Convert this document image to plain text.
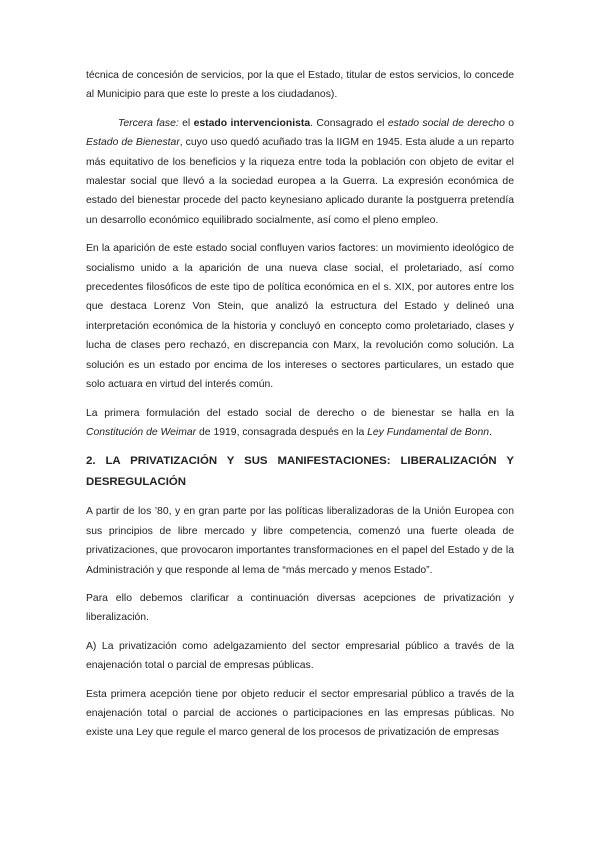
técnica de concesión de servicios, por la que el Estado, titular de estos servicios, lo concede al Municipio para que este lo preste a los ciudadanos).

Tercera fase: el estado intervencionista. Consagrado el estado social de derecho o Estado de Bienestar, cuyo uso quedó acuñado tras la IIGM en 1945. Esta alude a un reparto más equitativo de los beneficios y la riqueza entre toda la población con objeto de evitar el malestar social que llevó a la sociedad europea a la Guerra. La expresión económica de estado del bienestar procede del pacto keynesiano aplicado durante la postguerra pretendía un desarrollo económico equilibrado socialmente, así como el pleno empleo.

En la aparición de este estado social confluyen varios factores: un movimiento ideológico de socialismo unido a la aparición de una nueva clase social, el proletariado, así como precedentes filosóficos de este tipo de política económica en el s. XIX, por autores entre los que destaca Lorenz Von Stein, que analizó la estructura del Estado y delineó una interpretación económica de la historia y concluyó en concepto como proletariado, clases y lucha de clases pero rechazó, en discrepancia con Marx, la revolución como solución. La solución es un estado por encima de los intereses o sectores particulares, un estado que solo actuara en virtud del interés común.

La primera formulación del estado social de derecho o de bienestar se halla en la Constitución de Weimar de 1919, consagrada después en la Ley Fundamental de Bonn.

2. LA PRIVATIZACIÓN Y SUS MANIFESTACIONES: LIBERALIZACIÓN Y DESREGULACIÓN

A partir de los ’80, y en gran parte por las políticas liberalizadoras de la Unión Europea con sus principios de libre mercado y libre competencia, comenzó una fuerte oleada de privatizaciones, que provocaron importantes transformaciones en el papel del Estado y de la Administración y que responde al lema de “más mercado y menos Estado”.

Para ello debemos clarificar a continuación diversas acepciones de privatización y liberalización.

A) La privatización como adelgazamiento del sector empresarial público a través de la enajenación total o parcial de empresas públicas.

Esta primera acepción tiene por objeto reducir el sector empresarial público a través de la enajenación total o parcial de acciones o participaciones en las empresas públicas. No existe una Ley que regule el marco general de los procesos de privatización de empresas
